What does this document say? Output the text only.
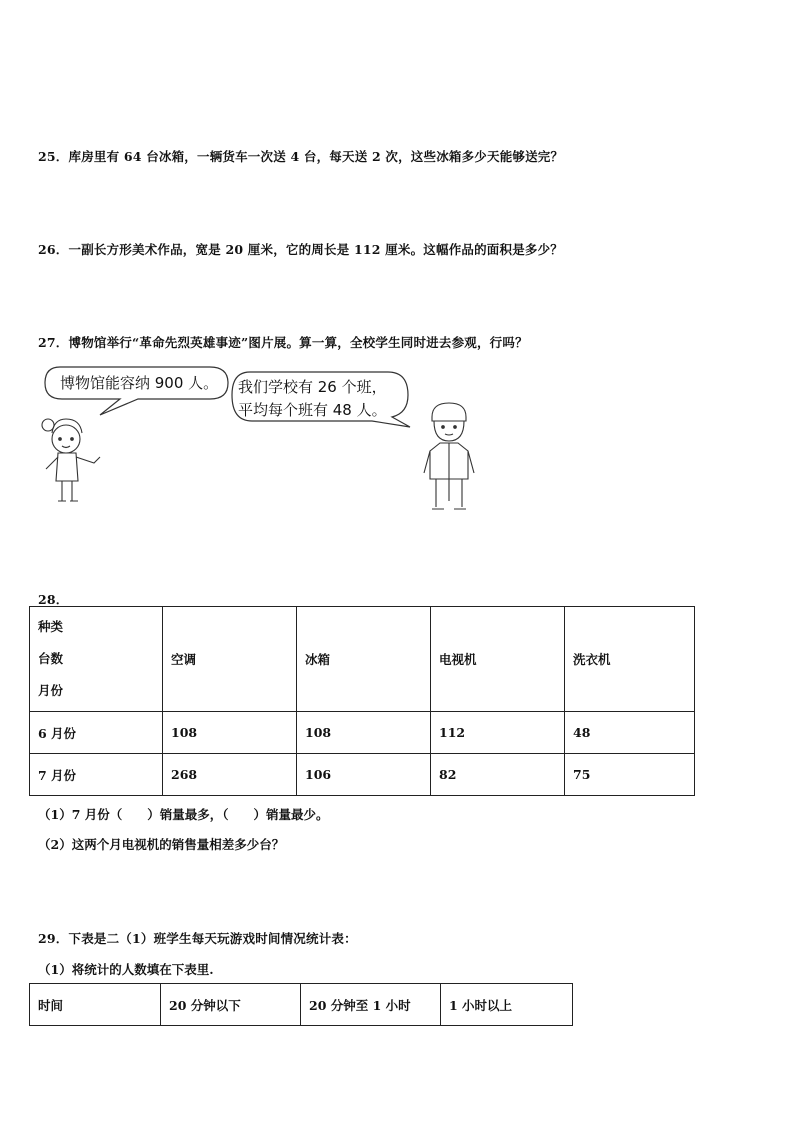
25．库房里有 64 台冰箱，一辆货车一次送 4 台，每天送 2 次，这些冰箱多少天能够送完？
26．一副长方形美术作品，宽是 20 厘米，它的周长是 112 厘米。这幅作品的面积是多少？
27．博物馆举行“革命先烈英雄事迹”图片展。算一算，全校学生同时进去参观，行吗？
博物馆能容纳 900 人。 我们学校有 26 个班，
平均每个班有 48 人。
28．
种类
台数
月份	空调	冰箱	电视机	洗衣机
6 月份	108	108	112	48
7 月份	268	106	82	75
（1）7 月份（　　）销量最多，（　　）销量最少。
（2）这两个月电视机的销售量相差多少台？
29．下表是二（1）班学生每天玩游戏时间情况统计表：
（1）将统计的人数填在下表里.
时间	20 分钟以下	20 分钟至 1 小时	1 小时以上
